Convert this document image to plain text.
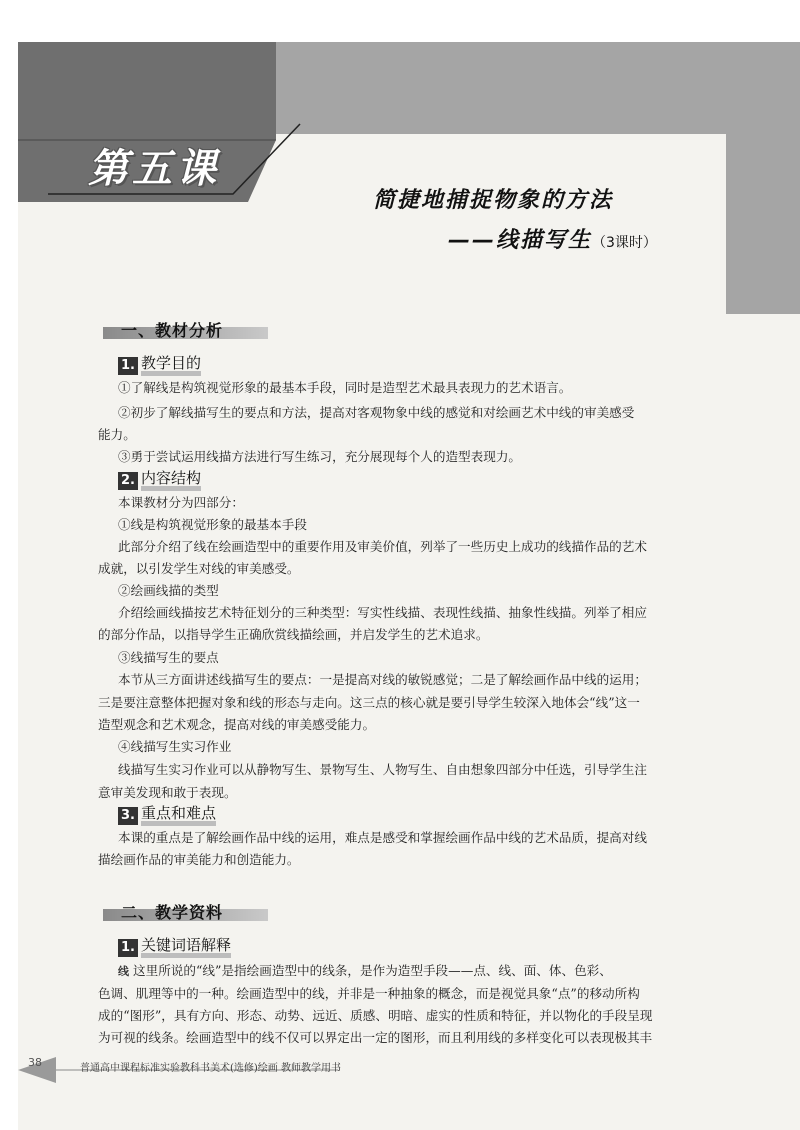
第五课
简捷地捕捉物象的方法
——线描写生（3课时）
一、教材分析
1. 教学目的
①了解线是构筑视觉形象的最基本手段，同时是造型艺术最具表现力的艺术语言。
②初步了解线描写生的要点和方法，提高对客观物象中线的感觉和对绘画艺术中线的审美感受
能力。
③勇于尝试运用线描方法进行写生练习，充分展现每个人的造型表现力。
2. 内容结构
本课教材分为四部分：
①线是构筑视觉形象的最基本手段
此部分介绍了线在绘画造型中的重要作用及审美价值，列举了一些历史上成功的线描作品的艺术
成就，以引发学生对线的审美感受。
②绘画线描的类型
介绍绘画线描按艺术特征划分的三种类型：写实性线描、表现性线描、抽象性线描。列举了相应
的部分作品，以指导学生正确欣赏线描绘画，并启发学生的艺术追求。
③线描写生的要点
本节从三方面讲述线描写生的要点：一是提高对线的敏锐感觉；二是了解绘画作品中线的运用；
三是要注意整体把握对象和线的形态与走向。这三点的核心就是要引导学生较深入地体会“线”这一
造型观念和艺术观念，提高对线的审美感受能力。
④线描写生实习作业
线描写生实习作业可以从静物写生、景物写生、人物写生、自由想象四部分中任选，引导学生注
意审美发现和敢于表现。
3. 重点和难点
本课的重点是了解绘画作品中线的运用，难点是感受和掌握绘画作品中线的艺术品质，提高对线
描绘画作品的审美能力和创造能力。
二、教学资料
1. 关键词语解释
线 这里所说的“线”是指绘画造型中的线条，是作为造型手段——点、线、面、体、色彩、
色调、肌理等中的一种。绘画造型中的线，并非是一种抽象的概念，而是视觉具象“点”的移动所构
成的“图形”，具有方向、形态、动势、远近、质感、明暗、虚实的性质和特征，并以物化的手段呈现
为可视的线条。绘画造型中的线不仅可以界定出一定的图形，而且利用线的多样变化可以表现极其丰
38	普通高中课程标准实验教科书美术(选修)绘画 教师教学用书
